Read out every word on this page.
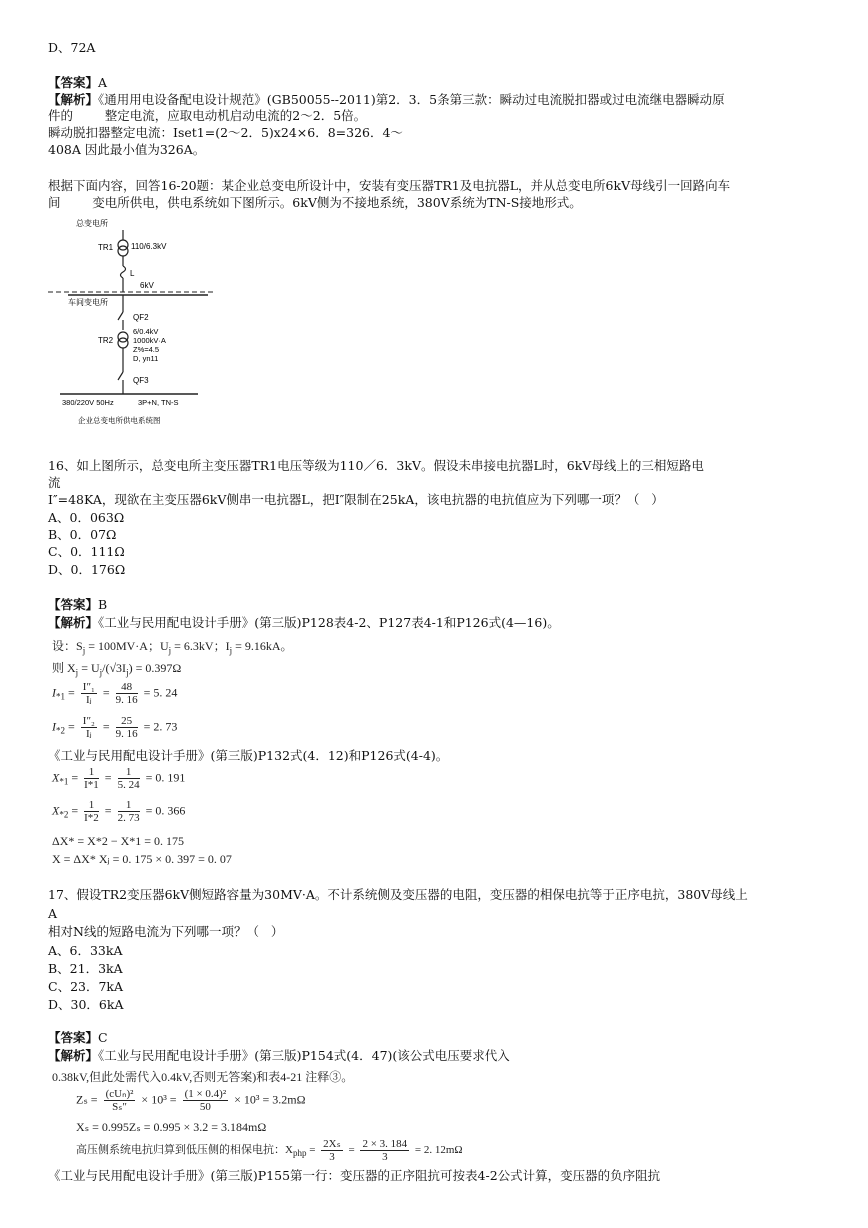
D、72A
【答案】A
【解析】《通用用电设备配电设计规范》(GB50055--2011)第2．3．5条第三款：瞬动过电流脱扣器或过电流继电器瞬动原
件的        整定电流，应取电动机启动电流的2～2．5倍。
瞬动脱扣器整定电流：Iset1=(2～2．5)x24×6．8=326．4～
408A 因此最小值为326A。
根据下面内容，回答16-20题：某企业总变电所设计中，安装有变压器TR1及电抗器L，并从总变电所6kV母线引一回路向车
间        变电所供电，供电系统如下图所示。6kV侧为不接地系统，380V系统为TN-S接地形式。
总变电所
TR1 110/6.3kV
L
6kV
车间变电所
QF2
TR2
6/0.4kV
1000kV·A
Z%=4.5
D, yn11
QF3
380/220V 50Hz	3P+N, TN-S
企业总变电所供电系统图
16、如上图所示，总变电所主变压器TR1电压等级为110／6．3kV。假设未串接电抗器L时，6kV母线上的三相短路电
流
I″=48KA，现欲在主变压器6kV侧串一电抗器L，把I″限制在25kA，该电抗器的电抗值应为下列哪一项？（   ）
A、0．063Ω
B、0．07Ω
C、0．111Ω
D、0．176Ω
【答案】B
【解析】《工业与民用配电设计手册》(第三版)P128表4-2、P127表4-1和P126式(4—16)。
设：$S_j = 100MV\cdot A$；$U_j = 6.3kV$；$I_j = 9.16kA$。
则 $X_j = U_j/(√3I_j) = 0.397\Omega$
$I_{*1} = \frac{\text{I″₁}}{\text{Iⱼ}} = \frac{48}{9. 16} = 5$. 24
$I_{*2} = \frac{\text{I″₂}}{\text{Iⱼ}} = \frac{25}{9. 16} = 2$. 73
《工业与民用配电设计手册》(第三版)P132式(4．12)和P126式(4-4)。
$X_{*1} = \frac{1}{I*1} = \frac{1}{5. 24} = 0$. 191
$X_{*2} = \frac{1}{I*2} = \frac{1}{2. 73} = 0$. 366
ΔX* = X*2 − X*1 = 0. 175
X = ΔX* Xⱼ = 0. 175 × 0. 397 = 0. 07
17、假设TR2变压器6kV侧短路容量为30MV·A。不计系统侧及变压器的电阻，变压器的相保电抗等于正序电抗，380V母线上
A
相对N线的短路电流为下列哪一项？（   ）
A、6．33kA
B、21．3kA
C、23．7kA
D、30．6kA
【答案】C
【解析】《工业与民用配电设计手册》(第三版)P154式(4．47)(该公式电压要求代入
0.38kV,但此处需代入0.4kV,否则无答案)和表4-21 注释③。
$Z_s = \frac{\text{(cUₙ)²}}{\text{Sₛ″}} \times 10^3 = \frac{\text{(1 × 0.4)²}}{50} \times 10^3 = 3.2m\Omega$
Xₛ = 0.995Zₛ = 0.995 × 3.2 = 3.184mΩ
高压侧系统电抗归算到低压侧的相保电抗：$X_{php} = \frac{\text{2Xₛ}}{3} = \frac{2 \times 3. 184}{3} = 2$. 12mΩ
《工业与民用配电设计手册》(第三版)P155第一行：变压器的正序阻抗可按表4-2公式计算，变压器的负序阻抗
